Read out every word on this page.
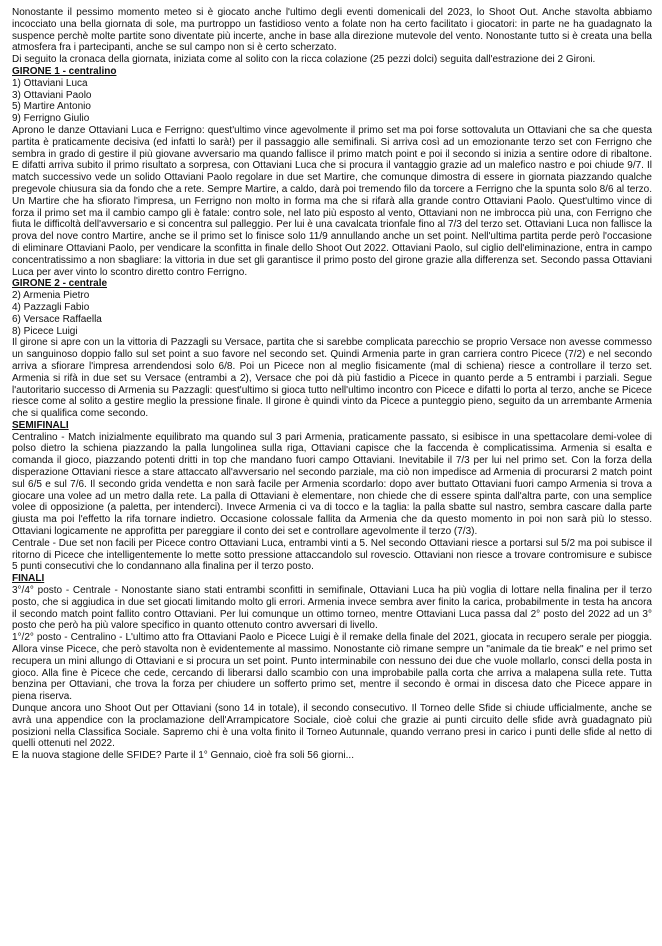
Nonostante il pessimo momento meteo si è giocato anche l'ultimo degli eventi domenicali del 2023, lo Shoot Out. Anche stavolta abbiamo incocciato una bella giornata di sole, ma purtroppo un fastidioso vento a folate non ha certo facilitato i giocatori: in parte ne ha guadagnato la suspence perchè molte partite sono diventate più incerte, anche in base alla direzione mutevole del vento. Nonostante tutto si è creata una bella atmosfera fra i partecipanti, anche se sul campo non si è certo scherzato.

Di seguito la cronaca della giornata, iniziata come al solito con la ricca colazione (25 pezzi dolci) seguita dall'estrazione dei 2 Gironi.

GIRONE 1 - centralino
1) Ottaviani Luca
3) Ottaviani Paolo
5) Martire Antonio
9) Ferrigno Giulio

Aprono le danze Ottaviani Luca e Ferrigno: quest'ultimo vince agevolmente il primo set ma poi forse sottovaluta un Ottaviani che sa che questa partita è praticamente decisiva (ed infatti lo sarà!) per il passaggio alle semifinali. Si arriva così ad un emozionante terzo set con Ferrigno che sembra in grado di gestire il più giovane avversario ma quando fallisce il primo match point e poi il secondo si inizia a sentire odore di ribaltone. E difatti arriva subito il primo risultato a sorpresa, con Ottaviani Luca che si procura il vantaggio grazie ad un malefico nastro e poi chiude 9/7. Il match successivo vede un solido Ottaviani Paolo regolare in due set Martire, che comunque dimostra di essere in giornata piazzando qualche pregevole chiusura sia da fondo che a rete. Sempre Martire, a caldo, darà poi tremendo filo da torcere a Ferrigno che la spunta solo 8/6 al terzo. Un Martire che ha sfiorato l'impresa, un Ferrigno non molto in forma ma che si rifarà alla grande contro Ottaviani Paolo. Quest'ultimo vince di forza il primo set ma il cambio campo gli è fatale: contro sole, nel lato più esposto al vento, Ottaviani non ne imbrocca più una, con Ferrigno che fiuta le difficoltà dell'avversario e si concentra sul palleggio. Per lui è una cavalcata trionfale fino al 7/3 del terzo set. Ottaviani Luca non fallisce la prova del nove contro Martire, anche se il primo set lo finisce solo 11/9 annullando anche un set point. Nell'ultima partita perde però l'occasione di eliminare Ottaviani Paolo, per vendicare la sconfitta in finale dello Shoot Out 2022. Ottaviani Paolo, sul ciglio dell'eliminazione, entra in campo concentratissimo a non sbagliare: la vittoria in due set gli garantisce il primo posto del girone grazie alla differenza set. Secondo passa Ottaviani Luca per aver vinto lo scontro diretto contro Ferrigno.

GIRONE 2 - centrale
2) Armenia Pietro
4) Pazzagli Fabio
6) Versace Raffaella
8) Picece Luigi

Il girone si apre con un la vittoria di Pazzagli su Versace, partita che si sarebbe complicata parecchio se proprio Versace non avesse commesso un sanguinoso doppio fallo sul set point a suo favore nel secondo set. Quindi Armenia parte in gran carriera contro Picece (7/2) e nel secondo arriva a sfiorare l'impresa arrendendosi solo 6/8. Poi un Picece non al meglio fisicamente (mal di schiena) riesce a controllare il terzo set. Armenia si rifà in due set su Versace (entrambi a 2), Versace che poi dà più fastidio a Picece in quanto perde a 5 entrambi i parziali. Segue l'autoritario successo di Armenia su Pazzagli: quest'ultimo si gioca tutto nell'ultimo incontro con Picece e difatti lo porta al terzo, anche se Picece riesce come al solito a gestire meglio la pressione finale. Il girone è quindi vinto da Picece a punteggio pieno, seguito da un arrembante Armenia che si qualifica come secondo.

SEMIFINALI

Centralino - Match inizialmente equilibrato ma quando sul 3 pari Armenia, praticamente passato, si esibisce in una spettacolare demi-volee di polso dietro la schiena piazzando la palla lungolinea sulla riga, Ottaviani capisce che la faccenda è complicatissima. Armenia si esalta e comanda il gioco, piazzando potenti dritti in top che mandano fuori campo Ottaviani. Inevitabile il 7/3 per lui nel primo set. Con la forza della disperazione Ottaviani riesce a stare attaccato all'avversario nel secondo parziale, ma ciò non impedisce ad Armenia di procurarsi 2 match point sul 6/5 e sul 7/6. Il secondo grida vendetta e non sarà facile per Armenia scordarlo: dopo aver buttato Ottaviani fuori campo Armenia si trova a giocare una volee ad un metro dalla rete. La palla di Ottaviani è elementare, non chiede che di essere spinta dall'altra parte, con una semplice volee di opposizione (a paletta, per intenderci). Invece Armenia ci va di tocco e la taglia: la palla sbatte sul nastro, sembra cascare dalla parte giusta ma poi l'effetto la rifa tornare indietro. Occasione colossale fallita da Armenia che da questo momento in poi non sarà più lo stesso. Ottaviani logicamente ne approfitta per pareggiare il conto dei set e controllare agevolmente il terzo (7/3).

Centrale - Due set non facili per Picece contro Ottaviani Luca, entrambi vinti a 5. Nel secondo Ottaviani riesce a portarsi sul 5/2 ma poi subisce il ritorno di Picece che intelligentemente lo mette sotto pressione attaccandolo sul rovescio. Ottaviani non riesce a trovare contromisure e subisce 5 punti consecutivi che lo condannano alla finalina per il terzo posto.

FINALI

3°/4° posto - Centrale - Nonostante siano stati entrambi sconfitti in semifinale, Ottaviani Luca ha più voglia di lottare nella finalina per il terzo posto, che si aggiudica in due set giocati limitando molto gli errori. Armenia invece sembra aver finito la carica, probabilmente in testa ha ancora il secondo match point fallito contro Ottaviani. Per lui comunque un ottimo torneo, mentre Ottaviani Luca passa dal 2° posto del 2022 ad un 3° posto che però ha più valore specifico in quanto ottenuto contro avversari di livello.

1°/2° posto - Centralino - L'ultimo atto fra Ottaviani Paolo e Picece Luigi è il remake della finale del 2021, giocata in recupero serale per pioggia. Allora vinse Picece, che però stavolta non è evidentemente al massimo. Nonostante ciò rimane sempre un "animale da tie break" e nel primo set recupera un mini allungo di Ottaviani e si procura un set point. Punto interminabile con nessuno dei due che vuole mollarlo, consci della posta in gioco. Alla fine è Picece che cede, cercando di liberarsi dallo scambio con una improbabile palla corta che arriva a malapena sulla rete. Tutta benzina per Ottaviani, che trova la forza per chiudere un sofferto primo set, mentre il secondo è ormai in discesa dato che Picece appare in piena riserva.

Dunque ancora uno Shoot Out per Ottaviani (sono 14 in totale), il secondo consecutivo. Il Torneo delle Sfide si chiude ufficialmente, anche se avrà una appendice con la proclamazione dell'Arrampicatore Sociale, cioè colui che grazie ai punti circuito delle sfide avrà guadagnato più posizioni nella Classifica Sociale. Sapremo chi è una volta finito il Torneo Autunnale, quando verrano presi in carico i punti delle sfide al netto di quelli ottenuti nel 2022.

E la nuova stagione delle SFIDE? Parte il 1° Gennaio, cioè fra soli 56 giorni...
